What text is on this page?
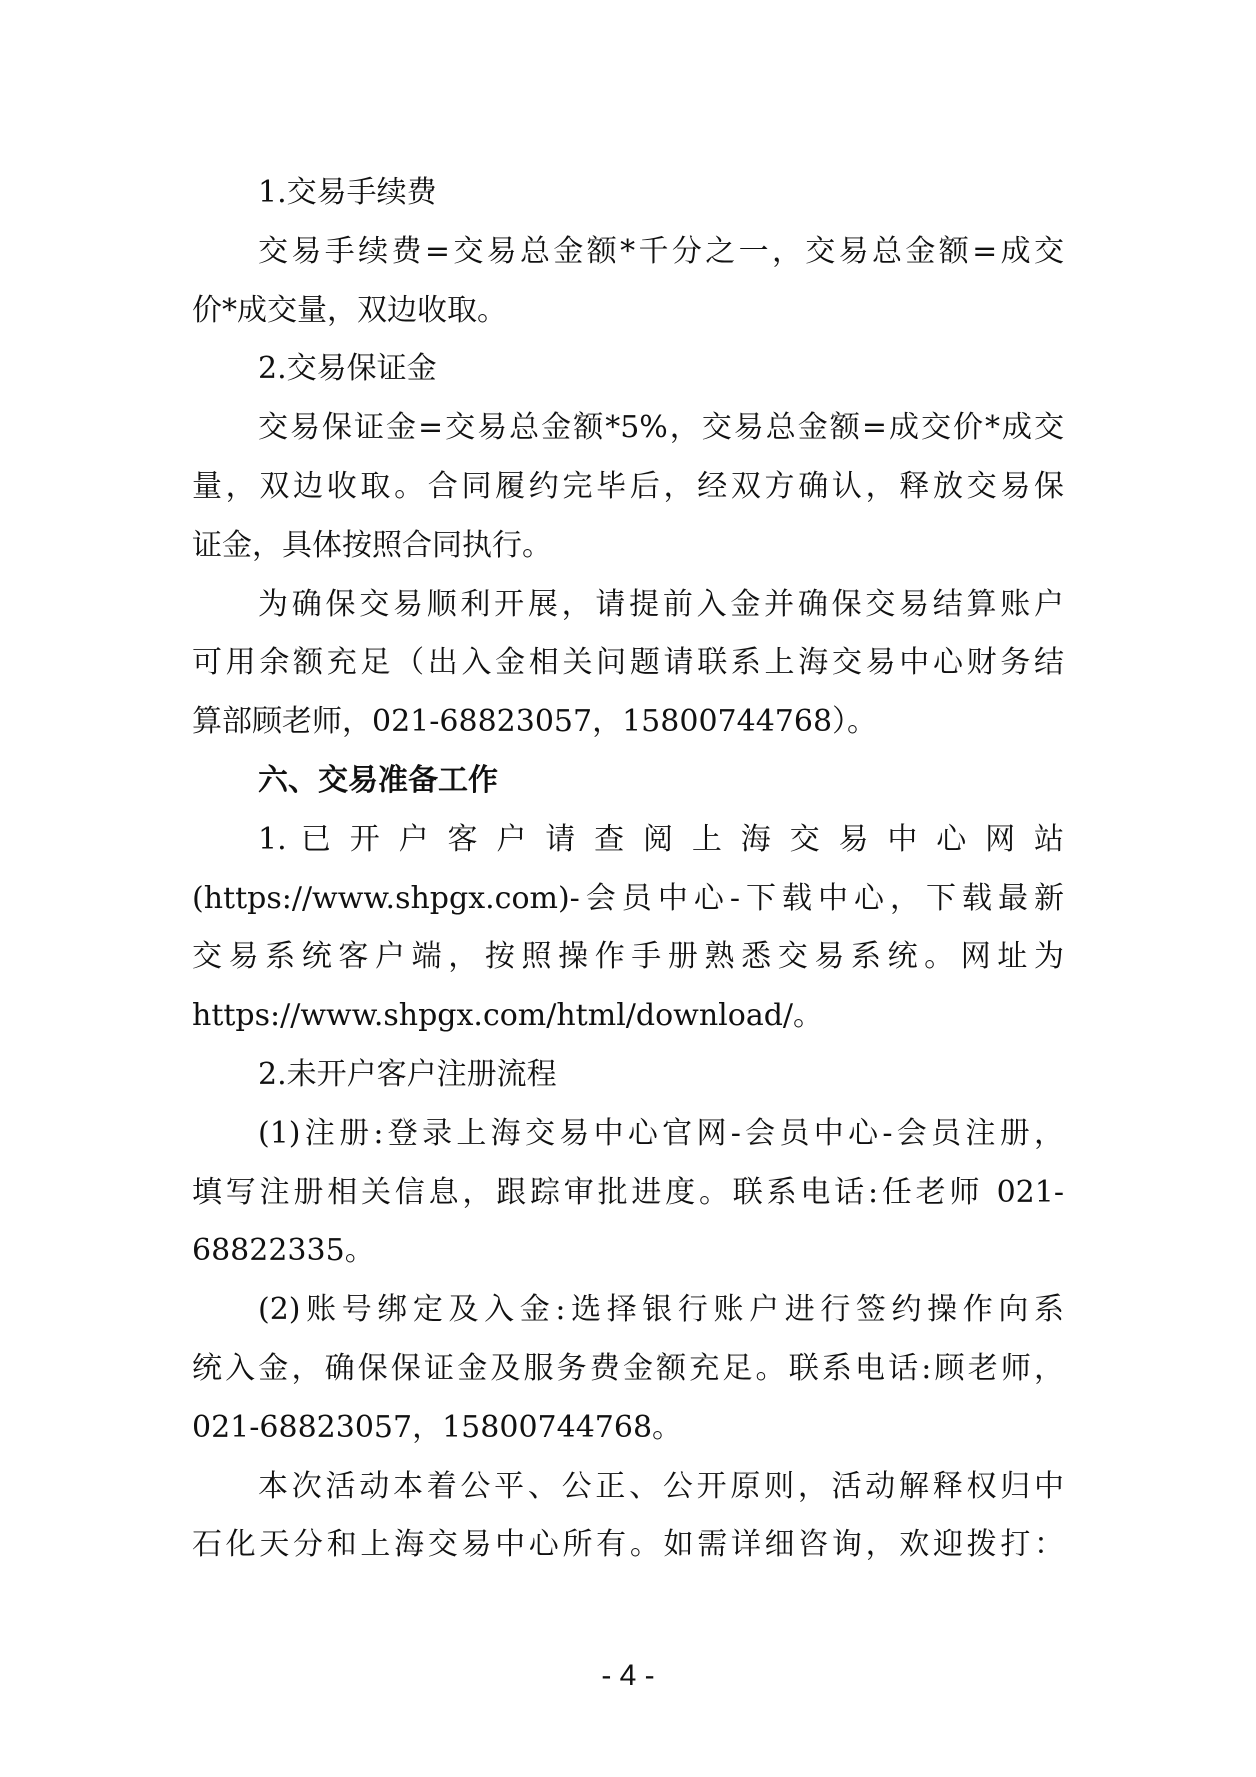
1.交易手续费
交易手续费=交易总金额*千分之一，交易总金额=成交
价*成交量，双边收取。
2.交易保证金
交易保证金=交易总金额*5%，交易总金额=成交价*成交
量，双边收取。合同履约完毕后，经双方确认，释放交易保
证金，具体按照合同执行。
为确保交易顺利开展，请提前入金并确保交易结算账户
可用余额充足（出入金相关问题请联系上海交易中心财务结
算部顾老师，021-68823057，15800744768）。
六、交易准备工作
1. 已 开 户 客 户 请 查 阅 上 海 交 易 中 心 网 站
(https://www.shpgx.com)-会员中心-下载中心，下载最新
交易系统客户端，按照操作手册熟悉交易系统。网址为
https://www.shpgx.com/html/download/。
2.未开户客户注册流程
(1)注册:登录上海交易中心官网-会员中心-会员注册，
填写注册相关信息，跟踪审批进度。联系电话:任老师 021-
68822335。
(2)账号绑定及入金:选择银行账户进行签约操作向系
统入金，确保保证金及服务费金额充足。联系电话:顾老师，
021-68823057，15800744768。
本次活动本着公平、公正、公开原则，活动解释权归中
石化天分和上海交易中心所有。如需详细咨询，欢迎拨打：
- 4 -
